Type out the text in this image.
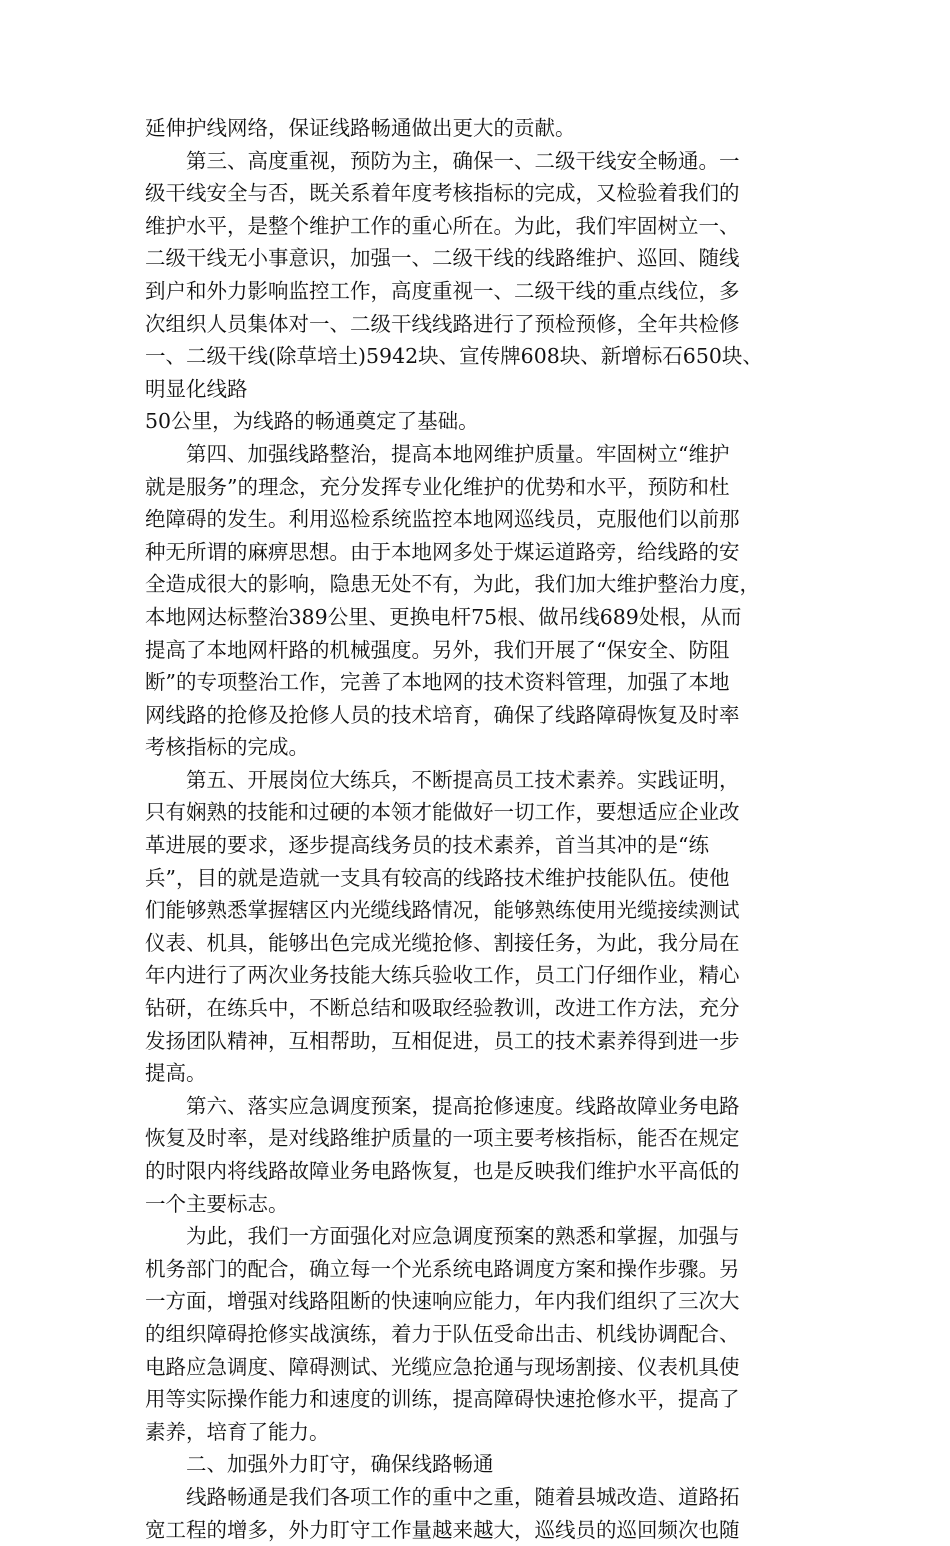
延伸护线网络，保证线路畅通做出更大的贡献。
　　第三、高度重视，预防为主，确保一、二级干线安全畅通。一
级干线安全与否，既关系着年度考核指标的完成，又检验着我们的
维护水平，是整个维护工作的重心所在。为此，我们牢固树立一、
二级干线无小事意识，加强一、二级干线的线路维护、巡回、随线
到户和外力影响监控工作，高度重视一、二级干线的重点线位，多
次组织人员集体对一、二级干线线路进行了预检预修，全年共检修
一、二级干线(除草培土)5942块、宣传牌608块、新增标石650块、
明显化线路
50公里，为线路的畅通奠定了基础。
　　第四、加强线路整治，提高本地网维护质量。牢固树立“维护
就是服务”的理念，充分发挥专业化维护的优势和水平，预防和杜
绝障碍的发生。利用巡检系统监控本地网巡线员，克服他们以前那
种无所谓的麻痹思想。由于本地网多处于煤运道路旁，给线路的安
全造成很大的影响，隐患无处不有，为此，我们加大维护整治力度，
本地网达标整治389公里、更换电杆75根、做吊线689处根，从而
提高了本地网杆路的机械强度。另外，我们开展了“保安全、防阻
断”的专项整治工作，完善了本地网的技术资料管理，加强了本地
网线路的抢修及抢修人员的技术培育，确保了线路障碍恢复及时率
考核指标的完成。
　　第五、开展岗位大练兵，不断提高员工技术素养。实践证明，
只有娴熟的技能和过硬的本领才能做好一切工作，要想适应企业改
革进展的要求，逐步提高线务员的技术素养，首当其冲的是“练
兵”，目的就是造就一支具有较高的线路技术维护技能队伍。使他
们能够熟悉掌握辖区内光缆线路情况，能够熟练使用光缆接续测试
仪表、机具，能够出色完成光缆抢修、割接任务，为此，我分局在
年内进行了两次业务技能大练兵验收工作，员工门仔细作业，精心
钻研，在练兵中，不断总结和吸取经验教训，改进工作方法，充分
发扬团队精神，互相帮助，互相促进，员工的技术素养得到进一步
提高。
　　第六、落实应急调度预案，提高抢修速度。线路故障业务电路
恢复及时率，是对线路维护质量的一项主要考核指标，能否在规定
的时限内将线路故障业务电路恢复，也是反映我们维护水平高低的
一个主要标志。
　　为此，我们一方面强化对应急调度预案的熟悉和掌握，加强与
机务部门的配合，确立每一个光系统电路调度方案和操作步骤。另
一方面，增强对线路阻断的快速响应能力，年内我们组织了三次大
的组织障碍抢修实战演练，着力于队伍受命出击、机线协调配合、
电路应急调度、障碍测试、光缆应急抢通与现场割接、仪表机具使
用等实际操作能力和速度的训练，提高障碍快速抢修水平，提高了
素养，培育了能力。
　　二、加强外力盯守，确保线路畅通
　　线路畅通是我们各项工作的重中之重，随着县城改造、道路拓
宽工程的增多，外力盯守工作量越来越大，巡线员的巡回频次也随
